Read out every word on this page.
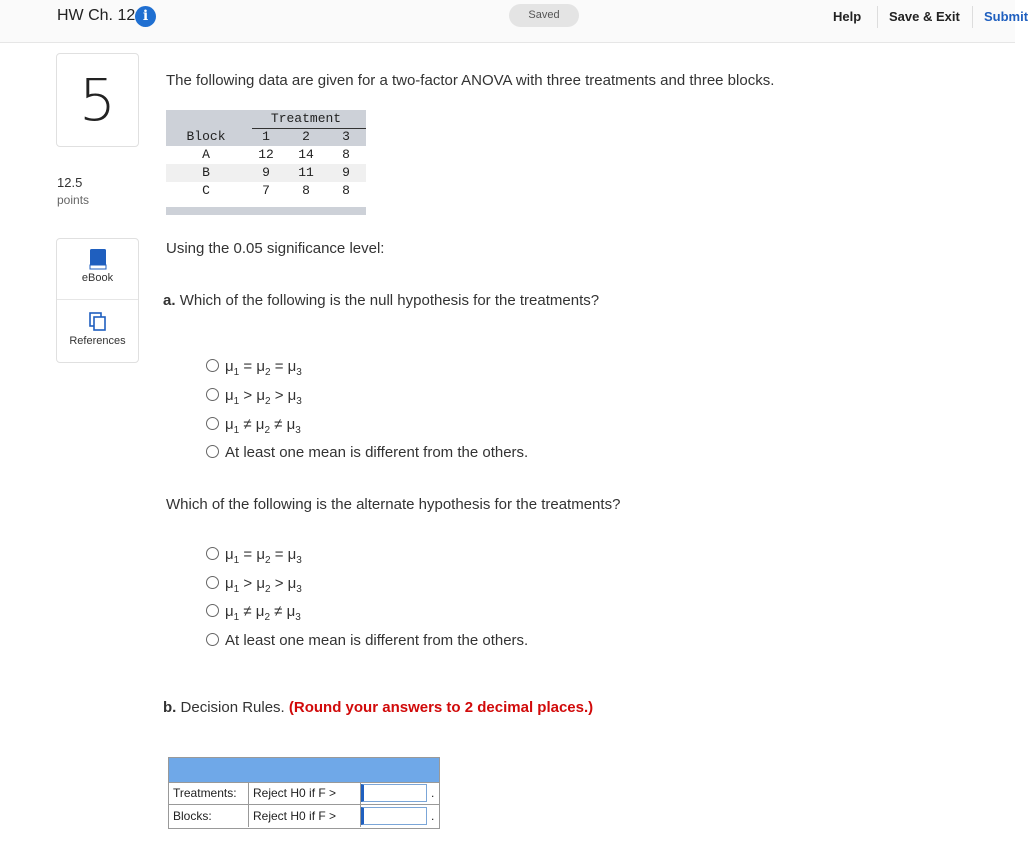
HW Ch. 12 i	Saved	Help Save & Exit Submit
5
12.5
points
eBook
References
The following data are given for a two-factor ANOVA with three treatments and three blocks.
Treatment
Block	1	2	3
A	12	14	8
B	9	11	9
C	7	8	8
Using the 0.05 significance level:
a. Which of the following is the null hypothesis for the treatments?
$\mu_1 = \mu_2 = \mu_3$
$\mu_1 > \mu_2 > \mu_3$
$\mu_1 \ne \mu_2 \ne \mu_3$
At least one mean is different from the others.
Which of the following is the alternate hypothesis for the treatments?
$\mu_1 = \mu_2 = \mu_3$
$\mu_1 > \mu_2 > \mu_3$
$\mu_1 \ne \mu_2 \ne \mu_3$
At least one mean is different from the others.
b. Decision Rules. (Round your answers to 2 decimal places.)
Treatments:	Reject H0 if F >	.
Blocks:	Reject H0 if F >	.
